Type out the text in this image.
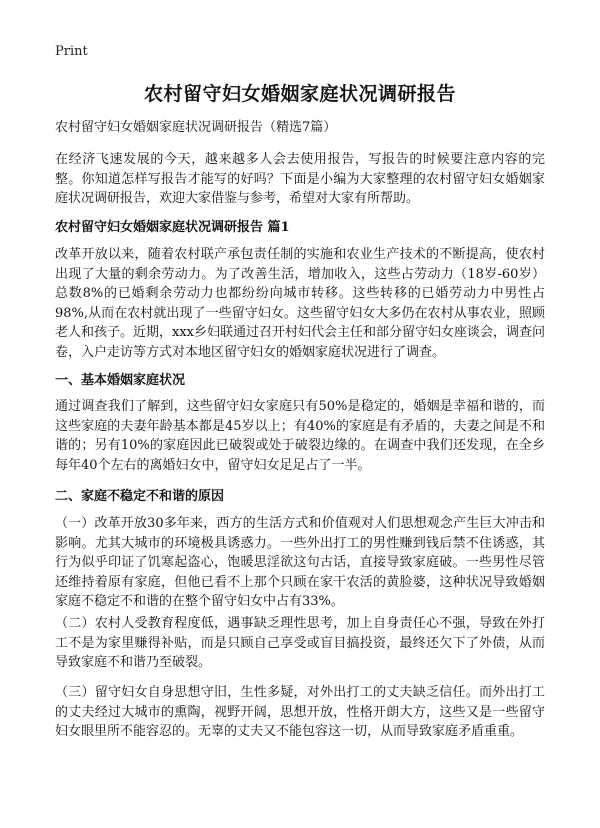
Print
农村留守妇女婚姻家庭状况调研报告
农村留守妇女婚姻家庭状况调研报告（精选7篇）
在经济飞速发展的今天，越来越多人会去使用报告，写报告的时候要注意内容的完整。你知道怎样写报告才能写的好吗？下面是小编为大家整理的农村留守妇女婚姻家庭状况调研报告，欢迎大家借鉴与参考，希望对大家有所帮助。
农村留守妇女婚姻家庭状况调研报告 篇1
改革开放以来，随着农村联产承包责任制的实施和农业生产技术的不断提高，使农村出现了大量的剩余劳动力。为了改善生活，增加收入，这些占劳动力（18岁-60岁）总数8%的已婚剩余劳动力也都纷纷向城市转移。这些转移的已婚劳动力中男性占98%,从而在农村就出现了一些留守妇女。这些留守妇女大多仍在农村从事农业，照顾老人和孩子。近期，xxx乡妇联通过召开村妇代会主任和部分留守妇女座谈会，调查问卷，入户走访等方式对本地区留守妇女的婚姻家庭状况进行了调查。
一、基本婚姻家庭状况
通过调查我们了解到，这些留守妇女家庭只有50%是稳定的，婚姻是幸福和谐的，而这些家庭的夫妻年龄基本都是45岁以上；有40%的家庭是有矛盾的，夫妻之间是不和谐的；另有10%的家庭因此已破裂或处于破裂边缘的。在调查中我们还发现，在全乡每年40个左右的离婚妇女中，留守妇女足足占了一半。
二、家庭不稳定不和谐的原因
（一）改革开放30多年来，西方的生活方式和价值观对人们思想观念产生巨大冲击和影响。尤其大城市的环境极具诱惑力。一些外出打工的男性赚到钱后禁不住诱惑，其行为似乎印证了饥寒起盗心，饱暖思淫欲这句古话，直接导致家庭破。一些男性尽管还维持着原有家庭，但他已看不上那个只顾在家干农活的黄脸婆，这种状况导致婚姻家庭不稳定不和谐的在整个留守妇女中占有33%。
（二）农村人受教育程度低，遇事缺乏理性思考，加上自身责任心不强，导致在外打工不是为家里赚得补贴，而是只顾自己享受或盲目搞投资，最终还欠下了外债，从而导致家庭不和谐乃至破裂。
（三）留守妇女自身思想守旧，生性多疑，对外出打工的丈夫缺乏信任。而外出打工的丈夫经过大城市的熏陶，视野开阔，思想开放，性格开朗大方，这些又是一些留守妇女眼里所不能容忍的。无辜的丈夫又不能包容这一切，从而导致家庭矛盾重重。
